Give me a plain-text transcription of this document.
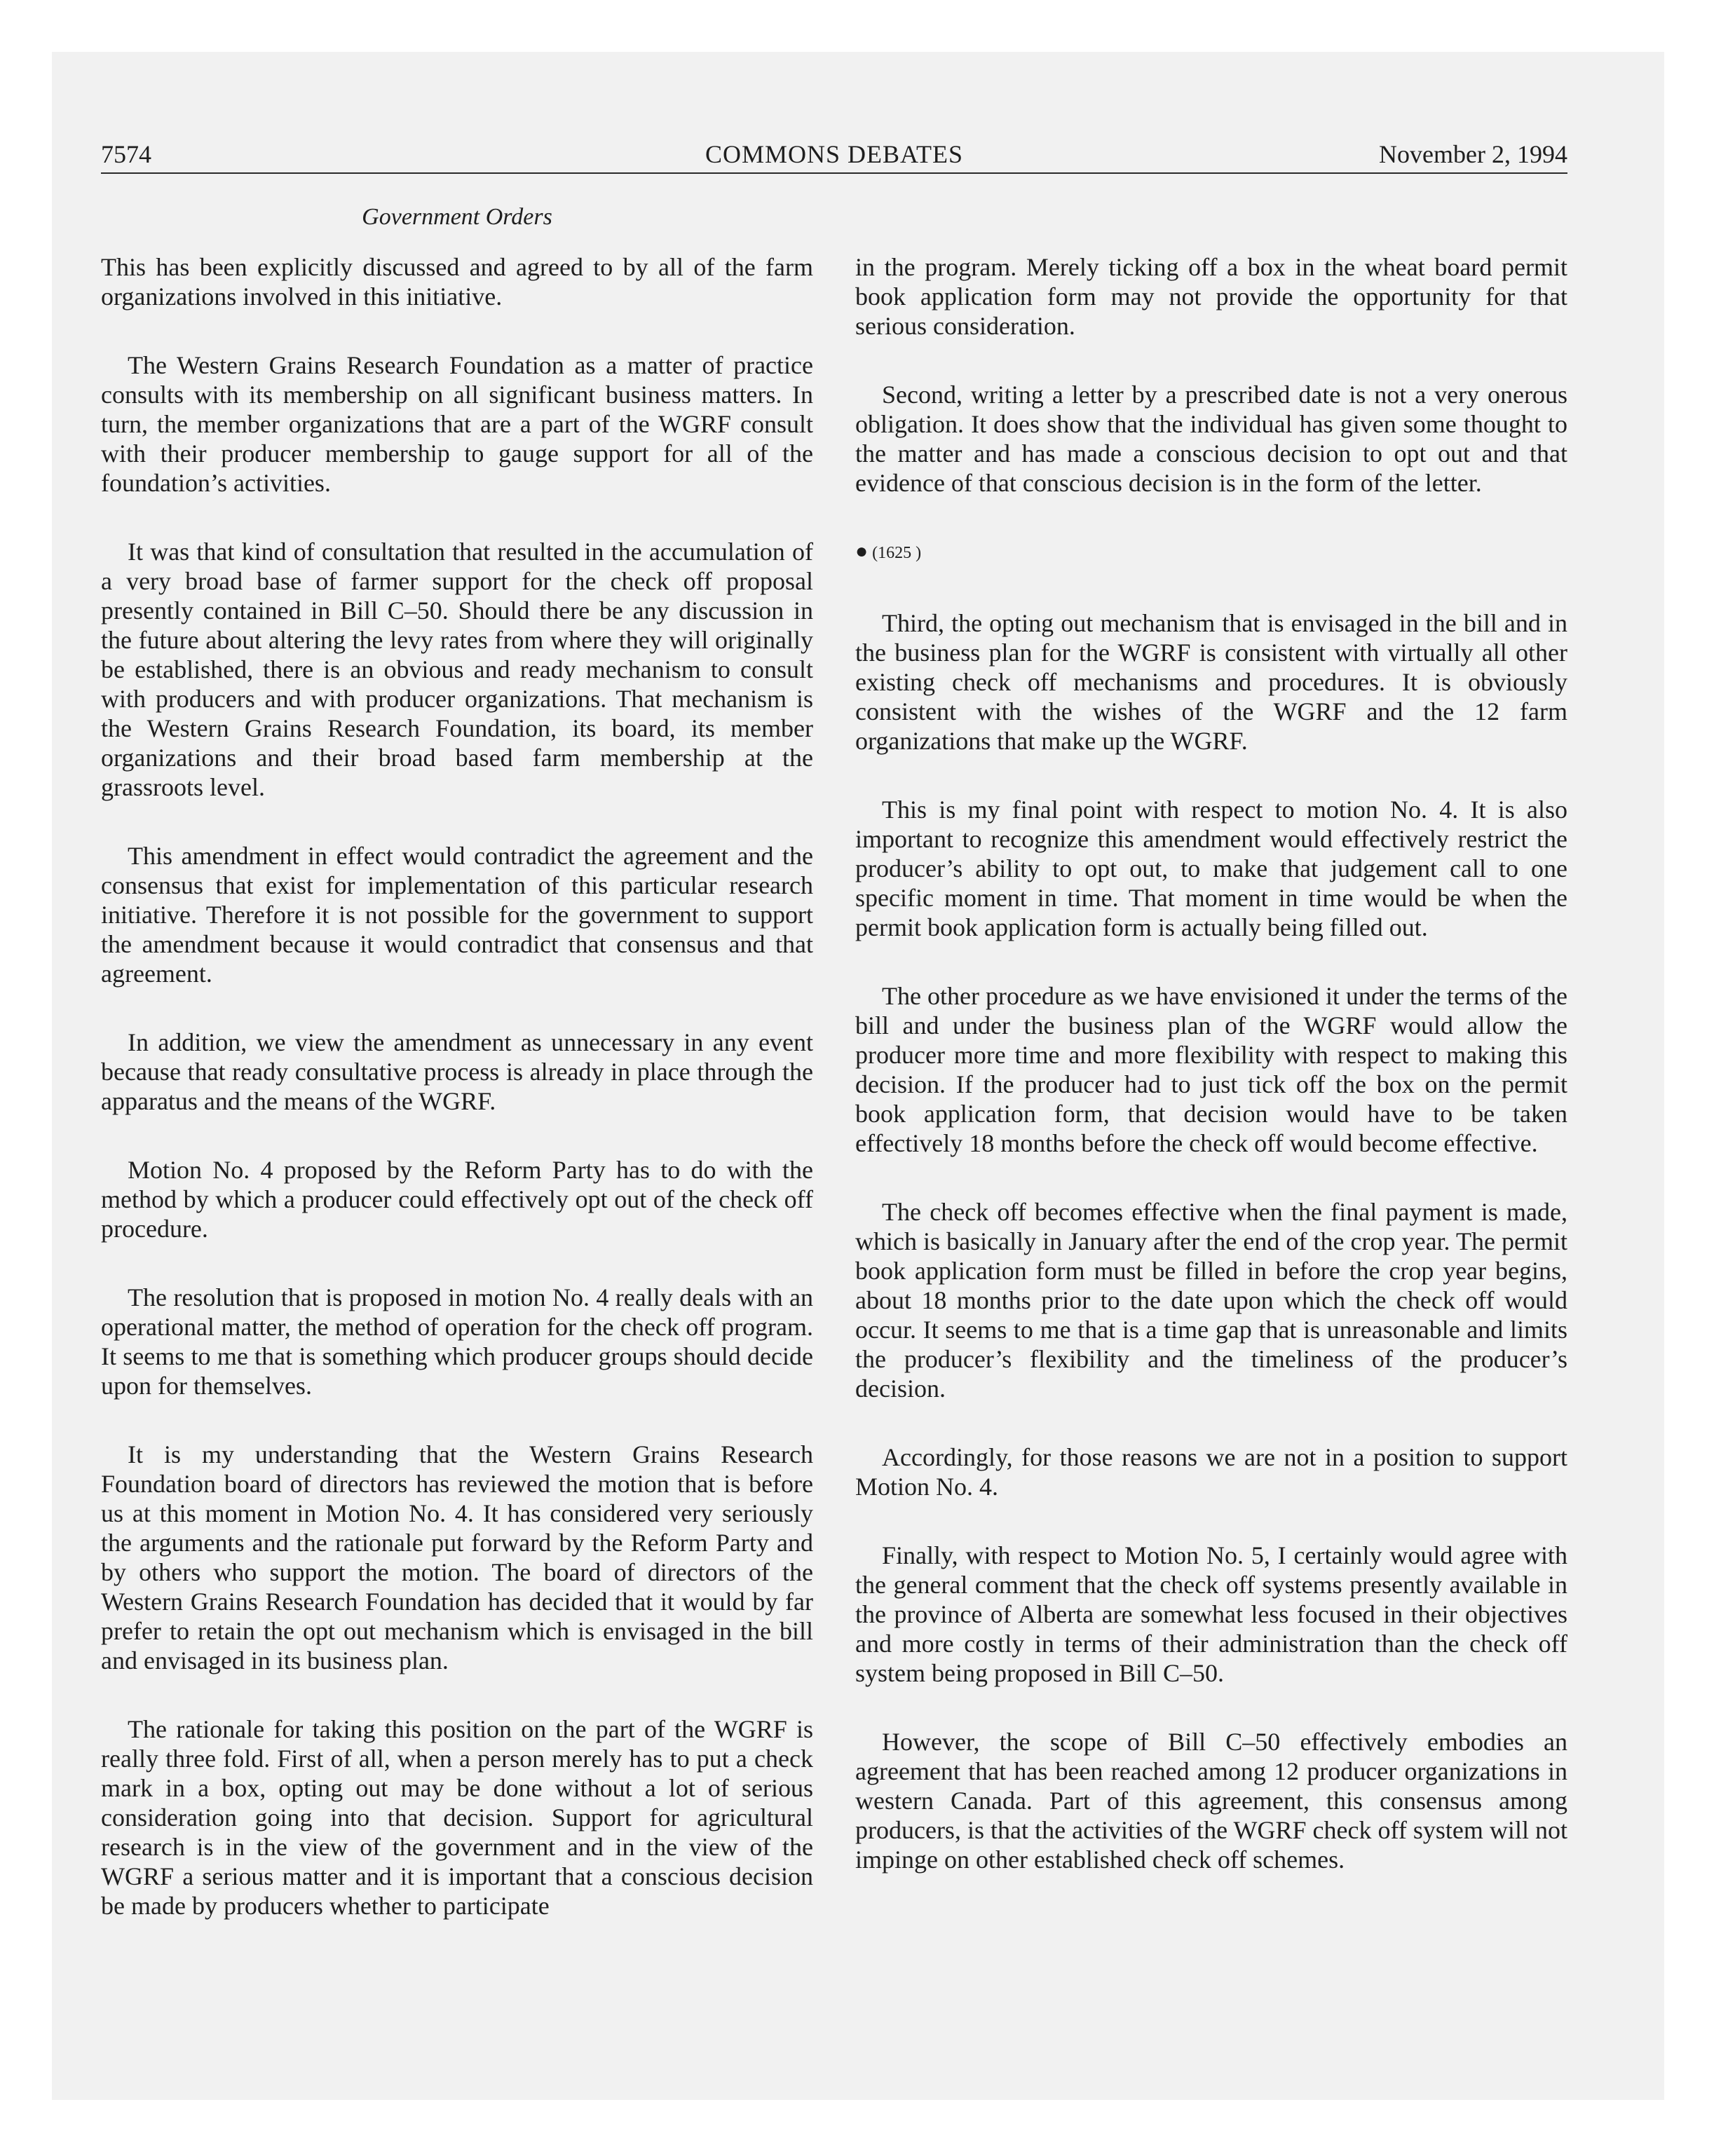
7574	COMMONS DEBATES	November 2, 1994
Government Orders

This has been explicitly discussed and agreed to by all of the farm organizations involved in this initiative.

The Western Grains Research Foundation as a matter of practice consults with its membership on all significant business matters. In turn, the member organizations that are a part of the WGRF consult with their producer membership to gauge support for all of the foundation’s activities.

It was that kind of consultation that resulted in the accumulation of a very broad base of farmer support for the check off proposal presently contained in Bill C–50. Should there be any discussion in the future about altering the levy rates from where they will originally be established, there is an obvious and ready mechanism to consult with producers and with producer organizations. That mechanism is the Western Grains Research Foundation, its board, its member organizations and their broad based farm membership at the grassroots level.

This amendment in effect would contradict the agreement and the consensus that exist for implementation of this particular research initiative. Therefore it is not possible for the government to support the amendment because it would contradict that consensus and that agreement.

In addition, we view the amendment as unnecessary in any event because that ready consultative process is already in place through the apparatus and the means of the WGRF.

Motion No. 4 proposed by the Reform Party has to do with the method by which a producer could effectively opt out of the check off procedure.

The resolution that is proposed in motion No. 4 really deals with an operational matter, the method of operation for the check off program. It seems to me that is something which producer groups should decide upon for themselves.

It is my understanding that the Western Grains Research Foundation board of directors has reviewed the motion that is before us at this moment in Motion No. 4. It has considered very seriously the arguments and the rationale put forward by the Reform Party and by others who support the motion. The board of directors of the Western Grains Research Foundation has decided that it would by far prefer to retain the opt out mechanism which is envisaged in the bill and envisaged in its business plan.

The rationale for taking this position on the part of the WGRF is really three fold. First of all, when a person merely has to put a check mark in a box, opting out may be done without a lot of serious consideration going into that decision. Support for agricultural research is in the view of the government and in the view of the WGRF a serious matter and it is important that a conscious decision be made by producers whether to participate

in the program. Merely ticking off a box in the wheat board permit book application form may not provide the opportunity for that serious consideration.

Second, writing a letter by a prescribed date is not a very onerous obligation. It does show that the individual has given some thought to the matter and has made a conscious decision to opt out and that evidence of that conscious decision is in the form of the letter.

● (1625 )

Third, the opting out mechanism that is envisaged in the bill and in the business plan for the WGRF is consistent with virtually all other existing check off mechanisms and procedures. It is obviously consistent with the wishes of the WGRF and the 12 farm organizations that make up the WGRF.

This is my final point with respect to motion No. 4. It is also important to recognize this amendment would effectively restrict the producer’s ability to opt out, to make that judgement call to one specific moment in time. That moment in time would be when the permit book application form is actually being filled out.

The other procedure as we have envisioned it under the terms of the bill and under the business plan of the WGRF would allow the producer more time and more flexibility with respect to making this decision. If the producer had to just tick off the box on the permit book application form, that decision would have to be taken effectively 18 months before the check off would become effective.

The check off becomes effective when the final payment is made, which is basically in January after the end of the crop year. The permit book application form must be filled in before the crop year begins, about 18 months prior to the date upon which the check off would occur. It seems to me that is a time gap that is unreasonable and limits the producer’s flexibility and the timeliness of the producer’s decision.

Accordingly, for those reasons we are not in a position to support Motion No. 4.

Finally, with respect to Motion No. 5, I certainly would agree with the general comment that the check off systems presently available in the province of Alberta are somewhat less focused in their objectives and more costly in terms of their administration than the check off system being proposed in Bill C–50.

However, the scope of Bill C–50 effectively embodies an agreement that has been reached among 12 producer organizations in western Canada. Part of this agreement, this consensus among producers, is that the activities of the WGRF check off system will not impinge on other established check off schemes.
